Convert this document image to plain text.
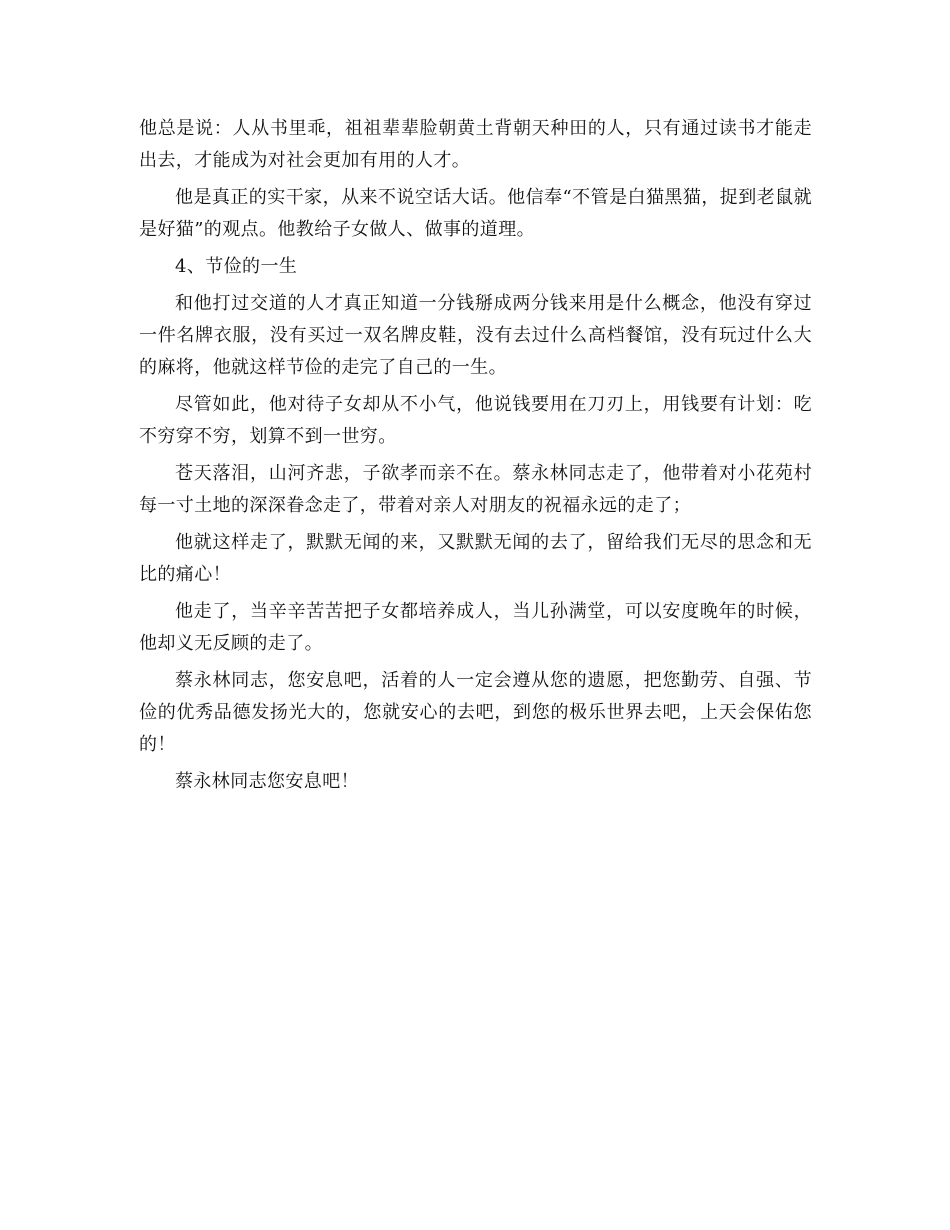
他总是说：人从书里乖，祖祖辈辈脸朝黄土背朝天种田的人，只有通过读书才能走出去，才能成为对社会更加有用的人才。

他是真正的实干家，从来不说空话大话。他信奉“不管是白猫黑猫，捉到老鼠就是好猫”的观点。他教给子女做人、做事的道理。

4、节俭的一生

和他打过交道的人才真正知道一分钱掰成两分钱来用是什么概念，他没有穿过一件名牌衣服，没有买过一双名牌皮鞋，没有去过什么高档餐馆，没有玩过什么大的麻将，他就这样节俭的走完了自己的一生。

尽管如此，他对待子女却从不小气，他说钱要用在刀刃上，用钱要有计划：吃不穷穿不穷，划算不到一世穷。

苍天落泪，山河齐悲，子欲孝而亲不在。蔡永林同志走了，他带着对小花苑村每一寸土地的深深眷念走了，带着对亲人对朋友的祝福永远的走了；

他就这样走了，默默无闻的来，又默默无闻的去了，留给我们无尽的思念和无比的痛心！

他走了，当辛辛苦苦把子女都培养成人，当儿孙满堂，可以安度晚年的时候，他却义无反顾的走了。

蔡永林同志，您安息吧，活着的人一定会遵从您的遗愿，把您勤劳、自强、节俭的优秀品德发扬光大的，您就安心的去吧，到您的极乐世界去吧，上天会保佑您的！

蔡永林同志您安息吧！
